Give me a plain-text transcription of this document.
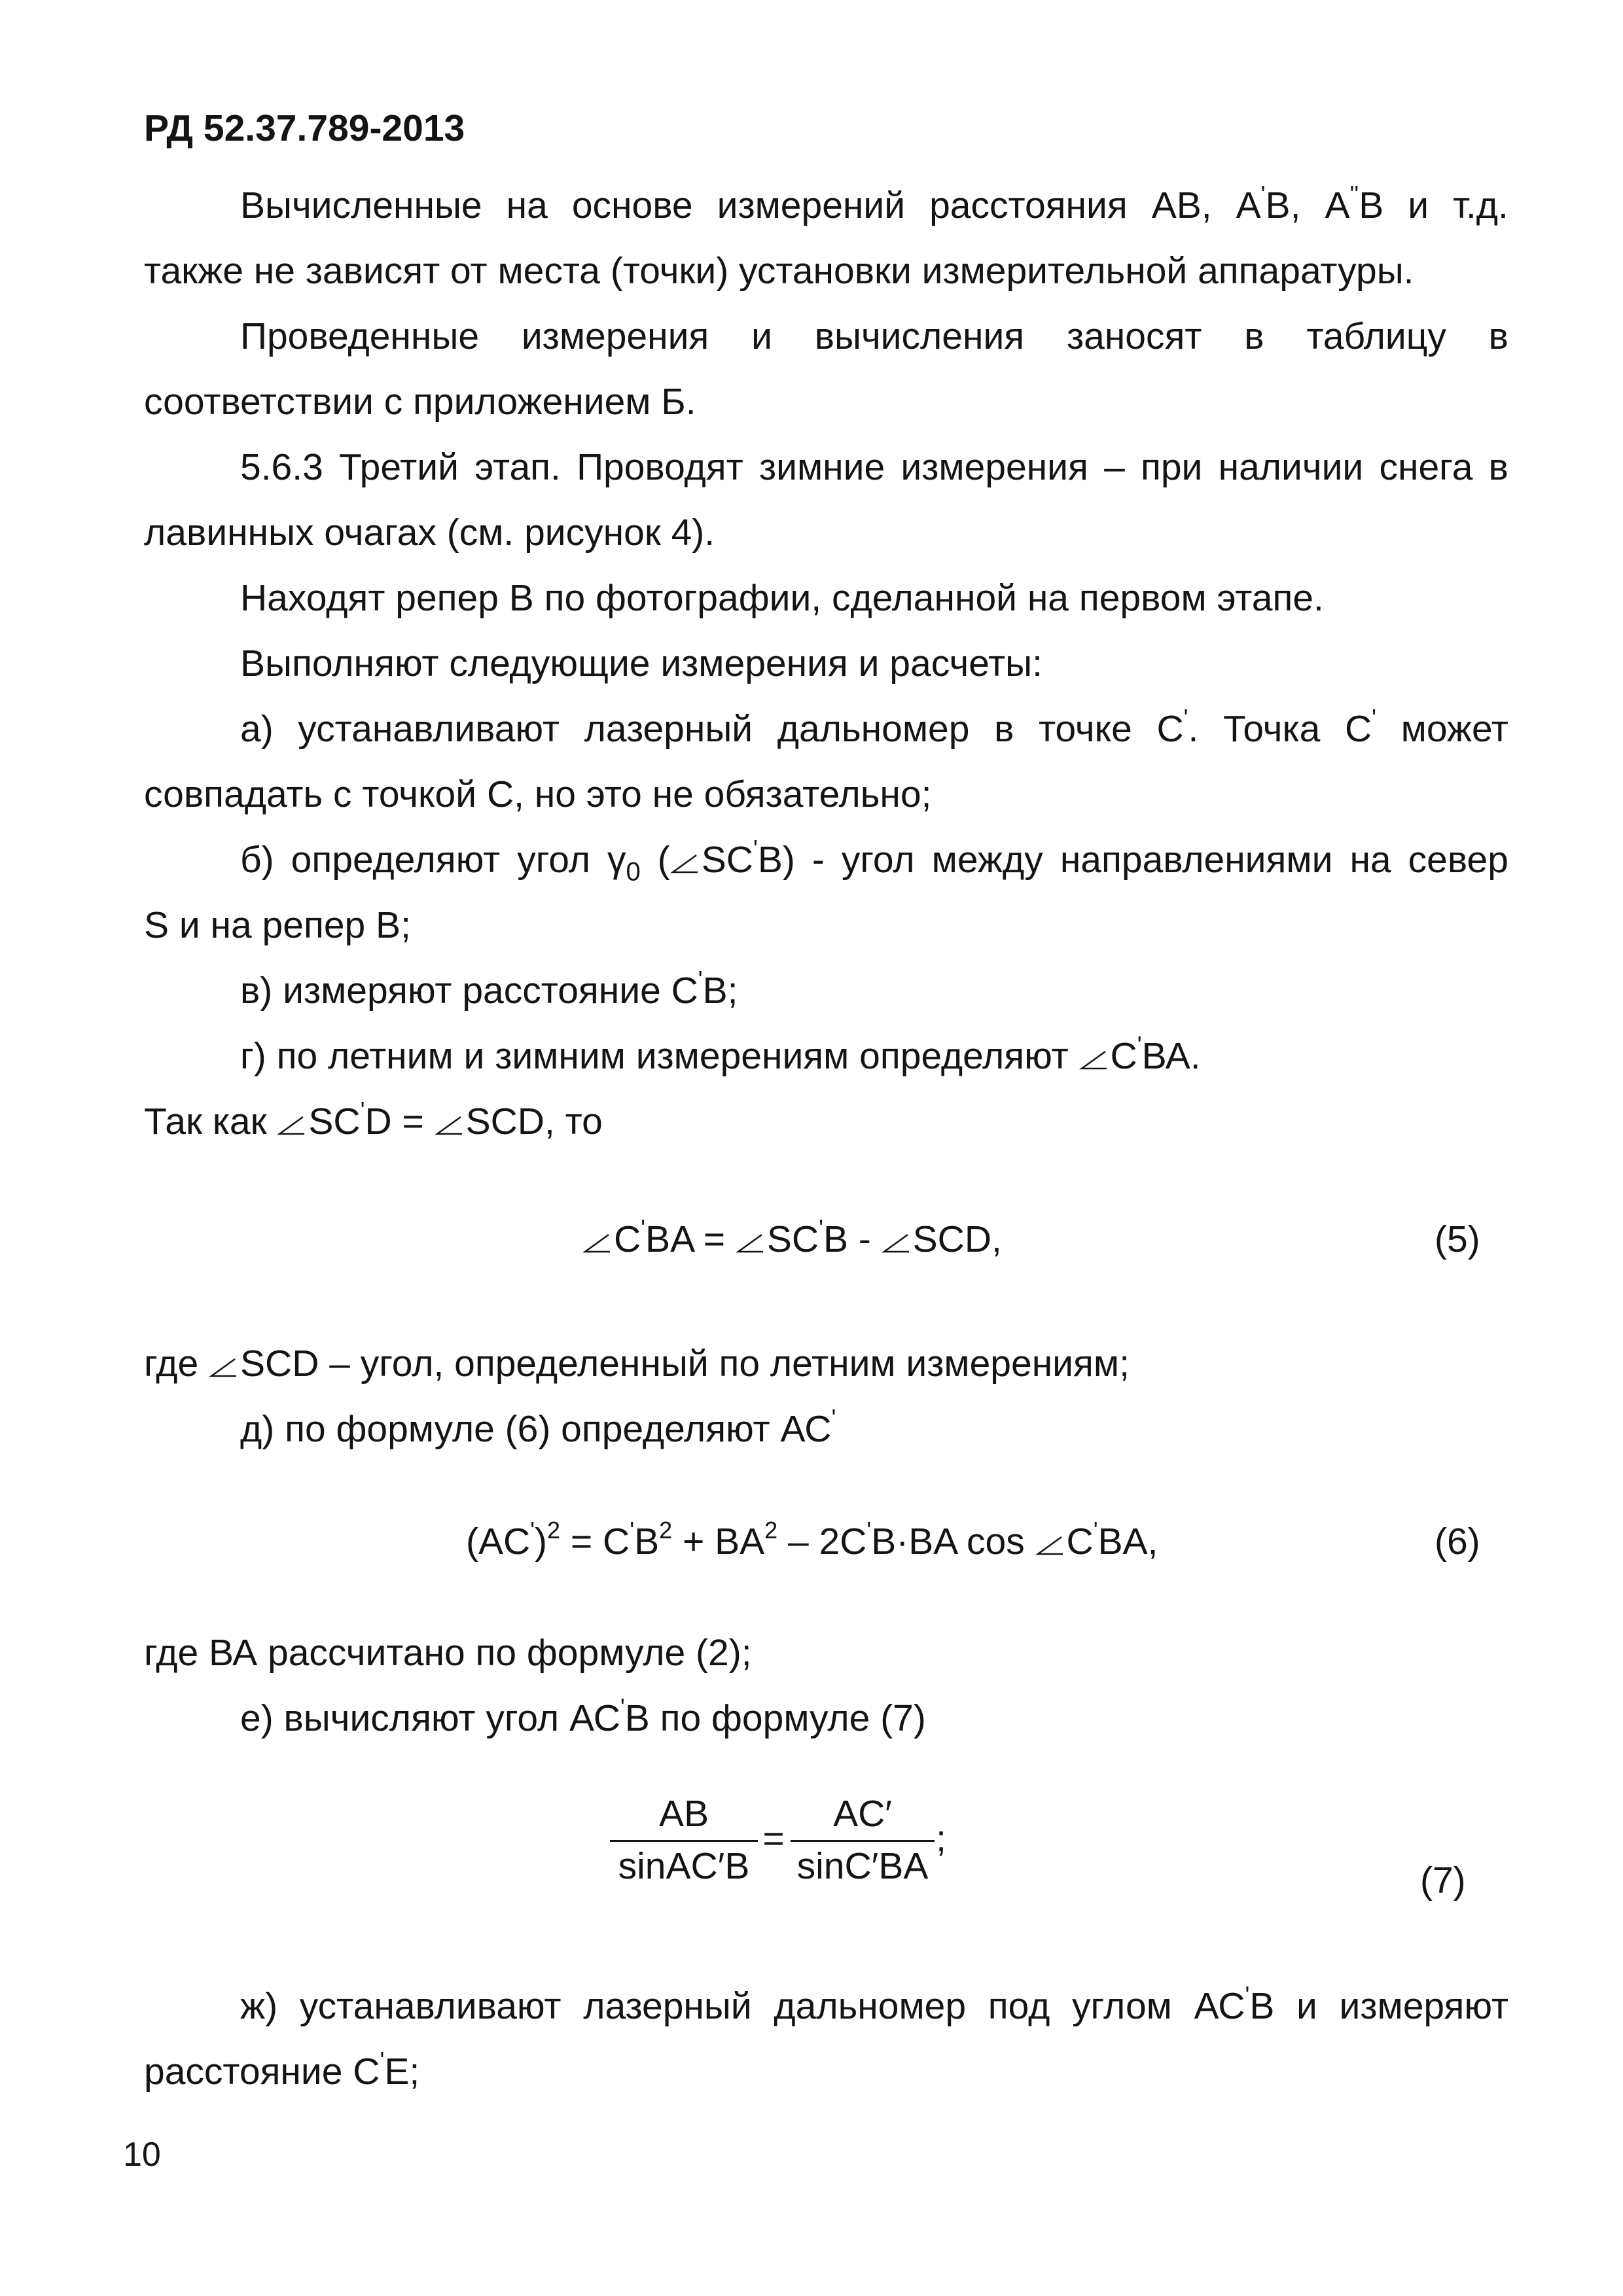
РД 52.37.789-2013
Вычисленные на основе измерений расстояния АВ, А'В, А''В и т.д.
также не зависят от места (точки) установки измерительной аппаратуры.
Проведенные измерения и вычисления заносят в таблицу в
соответствии с приложением Б.
5.6.3 Третий этап. Проводят зимние измерения – при наличии снега в
лавинных очагах (см. рисунок 4).
Находят репер В по фотографии, сделанной на первом этапе.
Выполняют следующие измерения и расчеты:
а) устанавливают лазерный дальномер в точке С'. Точка С' может
совпадать с точкой С, но это не обязательно;
б) определяют угол $\gamma_0$ ( SC'B) - угол между направлениями на север
S и на репер В;
в) измеряют расстояние С'В;
г) по летним и зимним измерениям определяют
С'ВА.
Так как
SC'D =
SCD, то
C'BA =
SC'B -
SCD,	(5)
где
SCD – угол, определенный по летним измерениям;
д) по формуле (6) определяют АС'
$(AC')^2 = C'B^2 + BA^2 - 2C'B\cdot BA$ cos
C'BA,	(6)
где ВА рассчитано по формуле (2);
е) вычисляют угол АС'В по формуле (7)
AB
sinAC′B
=
AC′
sinC′BA
;
(7)
ж) устанавливают лазерный дальномер под углом АС'В и измеряют
расстояние С'Е;
10
